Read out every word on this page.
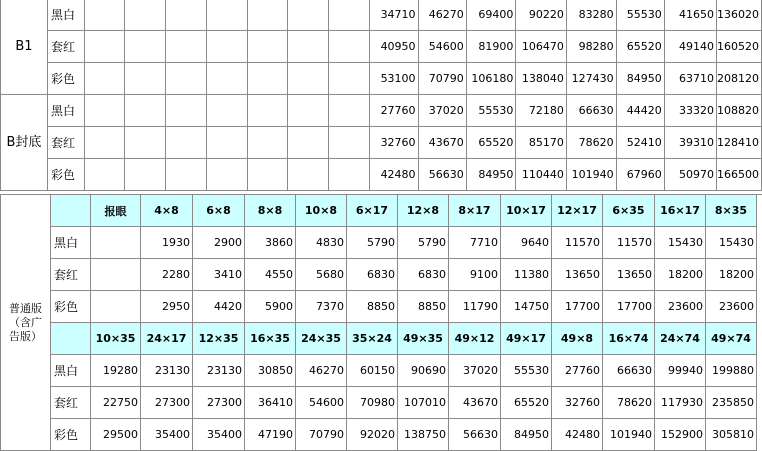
B1	黑白								34710	46270	69400	90220	83280	55530	41650	136020
	套红								40950	54600	81900	106470	98280	65520	49140	160520
	彩色								53100	70790	106180	138040	127430	84950	63710	208120
B封底	黑白								27760	37020	55530	72180	66630	44420	33320	108820
	套红								32760	43670	65520	85170	78620	52410	39310	128410
	彩色								42480	56630	84950	110440	101940	67960	50970	166500
普通版
（含广
告版）		报眼	4×8	6×8	8×8	10×8	6×17	12×8	8×17	10×17	12×17	6×35	16×17	8×35
	黑白		1930	2900	3860	4830	5790	5790	7710	9640	11570	11570	15430	15430
	套红		2280	3410	4550	5680	6830	6830	9100	11380	13650	13650	18200	18200
	彩色		2950	4420	5900	7370	8850	8850	11790	14750	17700	17700	23600	23600
		10×35	24×17	12×35	16×35	24×35	35×24	49×35	49×12	49×17	49×8	16×74	24×74	49×74
	黑白	19280	23130	23130	30850	46270	60150	90690	37020	55530	27760	66630	99940	199880
	套红	22750	27300	27300	36410	54600	70980	107010	43670	65520	32760	78620	117930	235850
	彩色	29500	35400	35400	47190	70790	92020	138750	56630	84950	42480	101940	152900	305810
